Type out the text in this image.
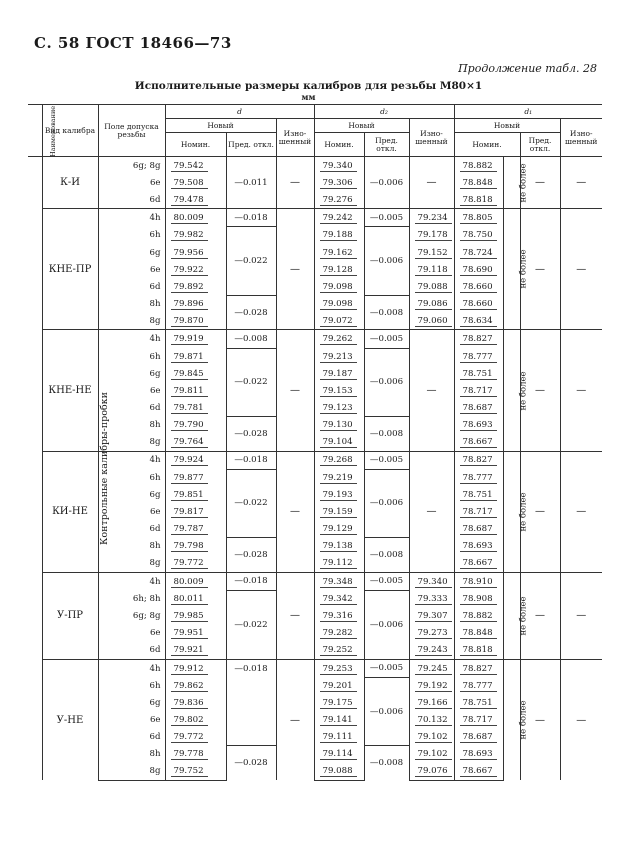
С. 58 ГОСТ 18466—73
Продолжение табл. 28
Исполнительные размеры калибров для резьбы М80×1
мм
Наименование	Вид калибра	Поле допуска резьбы	d			d₂			d₁			
			Новый		Изно-шенный	Новый		Изно-шенный	Новый			Изно-шенный
			Номин.	Пред. откл.		Номин.	Пред. откл.		Номин.		Пред. откл.	
Контрольные калибры-пробки	К-И	6g; 8g	79.542	—0.011	—	79.340	—0.006	—	78.882	не более	—	—
		6e	79.508			79.306			78.848			
		6d	79.478			79.276			78.818			
	КНЕ-ПР	4h	80.009	—0.018	—	79.242	—0.005	79.234	78.805	не более	—	—
		6h	79.982	—0.022		79.188	—0.006	79.178	78.750			
		6g	79.956			79.162		79.152	78.724			
		6e	79.922			79.128		79.118	78.690			
		6d	79.892			79.098		79.088	78.660			
		8h	79.896	—0.028		79.098	—0.008	79.086	78.660			
		8g	79.870			79.072		79.060	78.634			
	КНЕ-НЕ	4h	79.919	—0.008	—	79.262	—0.005	—	78.827	не более	—	—
		6h	79.871	—0.022		79.213	—0.006		78.777			
		6g	79.845			79.187			78.751			
		6e	79.811			79.153			78.717			
		6d	79.781			79.123			78.687			
		8h	79.790	—0.028		79.130	—0.008		78.693			
		8g	79.764			79.104			78.667			
	КИ-НЕ	4h	79.924	—0.018	—	79.268	—0.005	—	78.827	не более	—	—
		6h	79.877	—0.022		79.219	—0.006		78.777			
		6g	79.851			79.193			78.751			
		6e	79.817			79.159			78.717			
		6d	79.787			79.129			78.687			
		8h	79.798	—0.028		79.138	—0.008		78.693			
		8g	79.772			79.112			78.667			
	У-ПР	4h	80.009	—0.018	—	79.348	—0.005	79.340	78.910	не более	—	—
		6h; 8h	80.011	—0.022		79.342	—0.006	79.333	78.908			
		6g; 8g	79.985			79.316		79.307	78.882			
		6e	79.951			79.282		79.273	78.848			
		6d	79.921			79.252		79.243	78.818			
	У-НЕ	4h	79.912	—0.018	—	79.253	—0.005	79.245	78.827	не более	—	—
		6h	79.862			79.201	—0.006	79.192	78.777			
		6g	79.836			79.175		79.166	78.751			
		6e	79.802			79.141		70.132	78.717			
		6d	79.772			79.111		79.102	78.687			
		8h	79.778	—0.028		79.114	—0.008	79.102	78.693			
		8g	79.752			79.088		79.076	78.667			
